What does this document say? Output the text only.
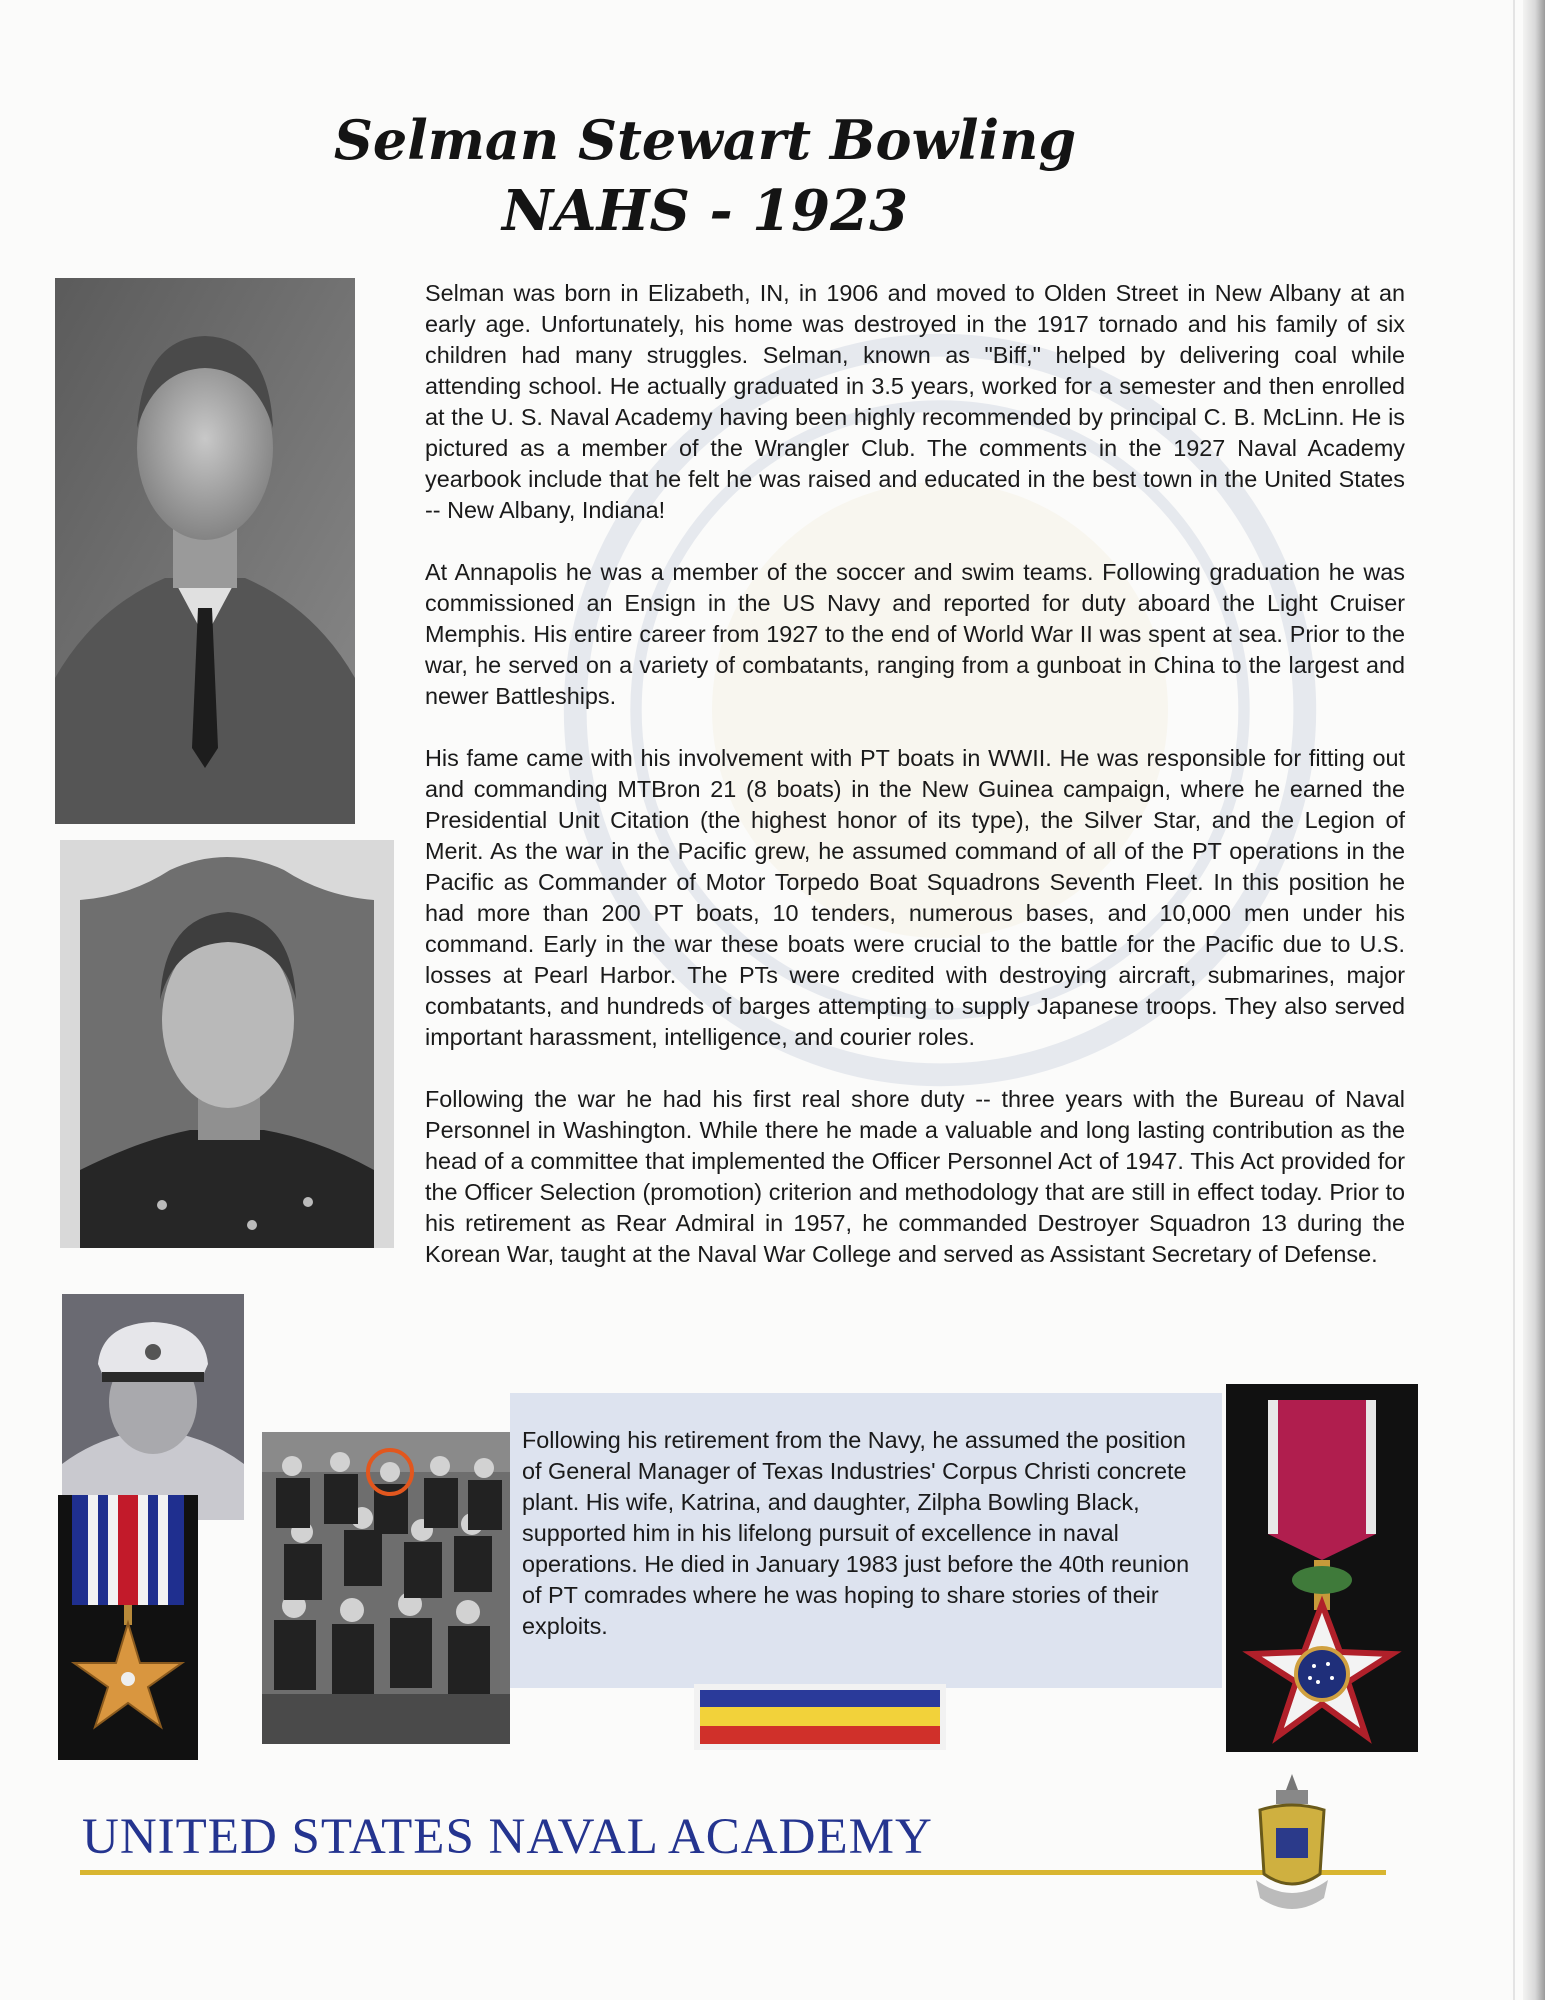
Selman Stewart Bowling
NAHS - 1923

Selman was born in Elizabeth, IN, in 1906 and moved to Olden Street in New Albany at an early age. Unfortunately, his home was destroyed in the 1917 tornado and his family of six children had many struggles. Selman, known as "Biff," helped by delivering coal while attending school. He actually graduated in 3.5 years, worked for a semester and then enrolled at the U. S. Naval Academy having been highly recommended by principal C. B. McLinn. He is pictured as a member of the Wrangler Club. The comments in the 1927 Naval Academy yearbook include that he felt he was raised and educated in the best town in the United States -- New Albany, Indiana!

At Annapolis he was a member of the soccer and swim teams. Following graduation he was commissioned an Ensign in the US Navy and reported for duty aboard the Light Cruiser Memphis. His entire career from 1927 to the end of World War II was spent at sea. Prior to the war, he served on a variety of combatants, ranging from a gunboat in China to the largest and newer Battleships.

His fame came with his involvement with PT boats in WWII. He was responsible for fitting out and commanding MTBron 21 (8 boats) in the New Guinea campaign, where he earned the Presidential Unit Citation (the highest honor of its type), the Silver Star, and the Legion of Merit. As the war in the Pacific grew, he assumed command of all of the PT operations in the Pacific as Commander of Motor Torpedo Boat Squadrons Seventh Fleet. In this position he had more than 200 PT boats, 10 tenders, numerous bases, and 10,000 men under his command. Early in the war these boats were crucial to the battle for the Pacific due to U.S. losses at Pearl Harbor. The PTs were credited with destroying aircraft, submarines, major combatants, and hundreds of barges attempting to supply Japanese troops. They also served important harassment, intelligence, and courier roles.

Following the war he had his first real shore duty -- three years with the Bureau of Naval Personnel in Washington. While there he made a valuable and long lasting contribution as the head of a committee that implemented the Officer Personnel Act of 1947. This Act provided for the Officer Selection (promotion) criterion and methodology that are still in effect today. Prior to his retirement as Rear Admiral in 1957, he commanded Destroyer Squadron 13 during the Korean War, taught at the Naval War College and served as Assistant Secretary of Defense.

Following his retirement from the Navy, he assumed the position of General Manager of Texas Industries' Corpus Christi concrete plant. His wife, Katrina, and daughter, Zilpha Bowling Black, supported him in his lifelong pursuit of excellence in naval operations. He died in January 1983 just before the 40th reunion of PT comrades where he was hoping to share stories of their exploits.

UNITED STATES NAVAL ACADEMY
